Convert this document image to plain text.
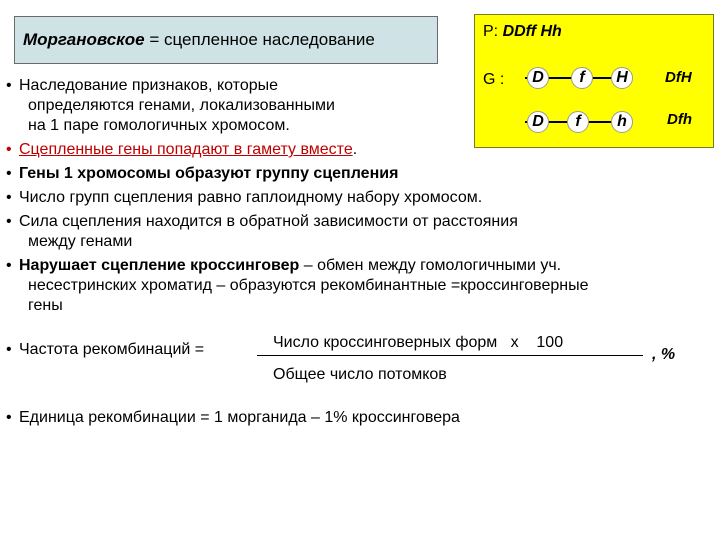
Моргановское = сцепленное наследование	P: DDff Hh
G :	D	f	H	DfH
D	f	h	Dfh
• Наследование признаков, которые
определяются генами, локализованными
на 1 паре гомологичных хромосом.
• Сцепленные гены попадают в гамету вместе.
• Гены 1 хромосомы образуют группу сцепления
• Число групп сцепления равно гаплоидному набору хромосом.
• Сила сцепления находится в обратной зависимости от расстояния
между генами
• Нарушает сцепление кроссинговер – обмен между гомологичными уч.
несестринских хроматид – образуются рекомбинантные =кроссинговерные
гены
• Частота рекомбинаций =
• Единица рекомбинации = 1 морганида – 1% кроссинговера
Число кроссинговерных форм   х    100
Общее число потомков
, %
